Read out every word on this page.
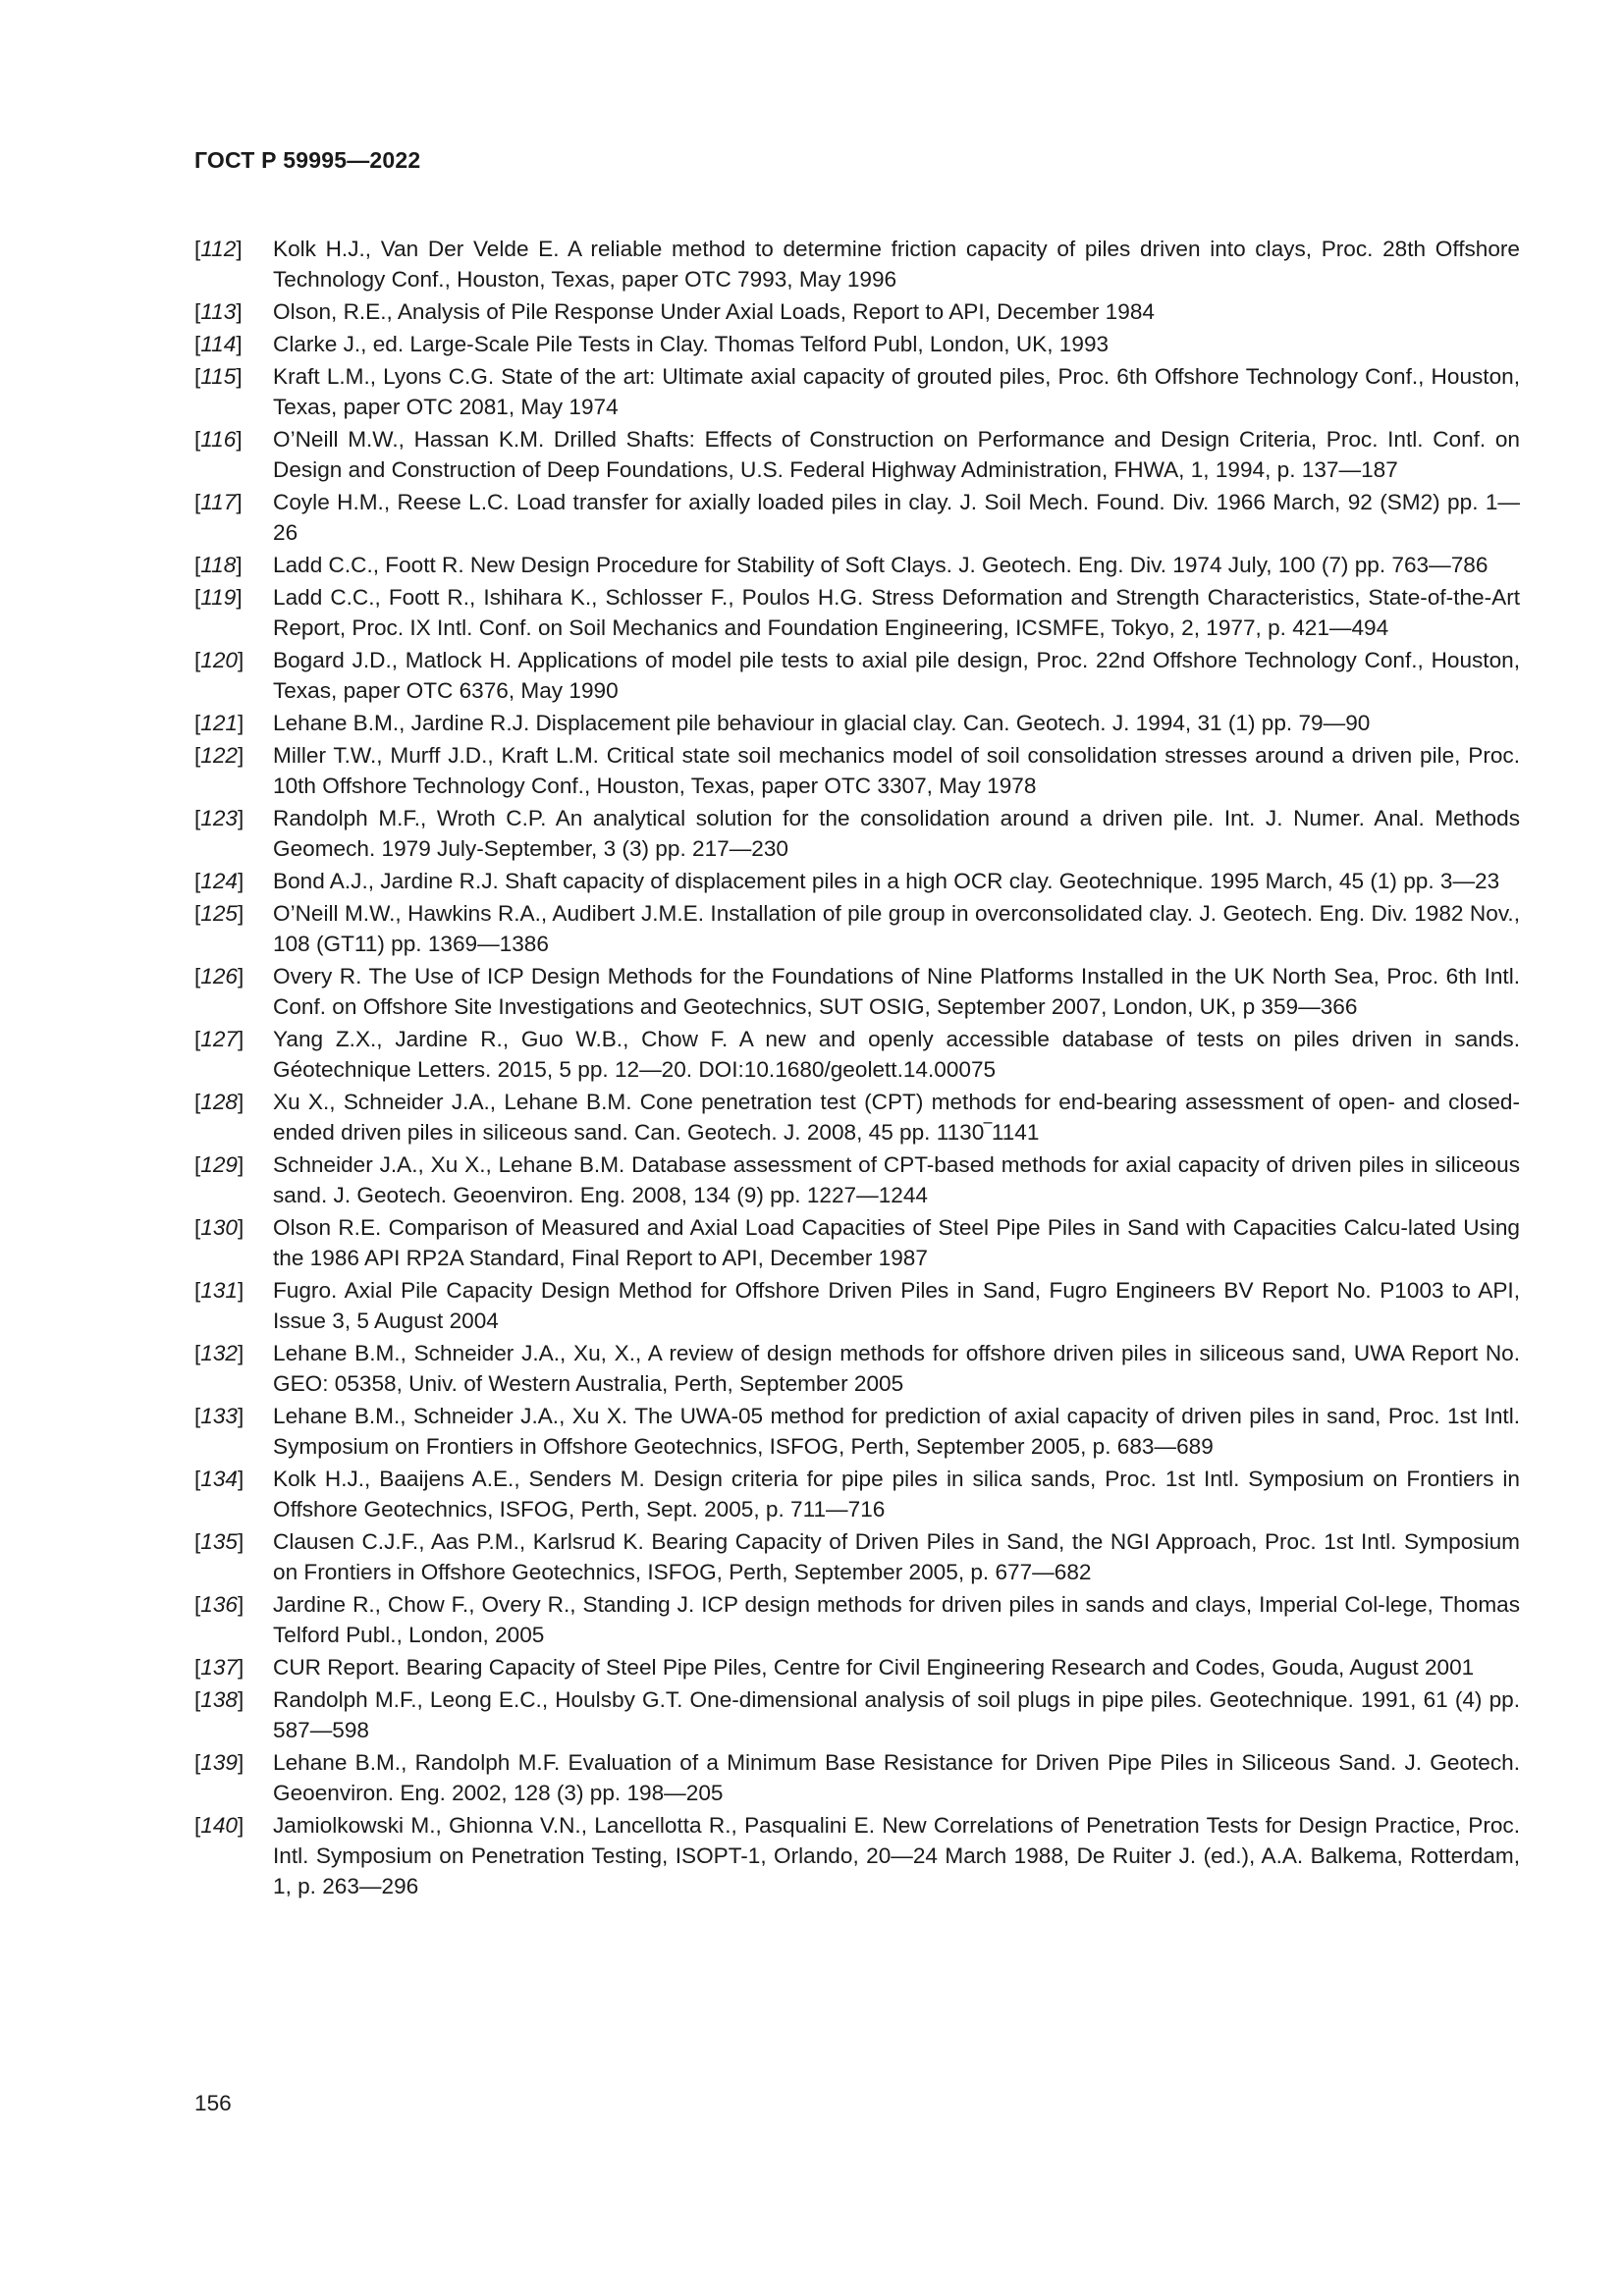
ГОСТ Р 59995—2022
[112]	Kolk H.J., Van Der Velde E. A reliable method to determine friction capacity of piles driven into clays, Proc. 28th Offshore Technology Conf., Houston, Texas, paper OTC 7993, May 1996
[113]	Olson, R.E., Analysis of Pile Response Under Axial Loads, Report to API, December 1984
[114]	Clarke J., ed. Large-Scale Pile Tests in Clay. Thomas Telford Publ, London, UK, 1993
[115]	Kraft L.M., Lyons C.G. State of the art: Ultimate axial capacity of grouted piles, Proc. 6th Offshore Technology Conf., Houston, Texas, paper OTC 2081, May 1974
[116]	O’Neill M.W., Hassan K.M. Drilled Shafts: Effects of Construction on Performance and Design Criteria, Proc. Intl. Conf. on Design and Construction of Deep Foundations, U.S. Federal Highway Administration, FHWA, 1, 1994, p. 137—187
[117]	Coyle H.M., Reese L.C. Load transfer for axially loaded piles in clay. J. Soil Mech. Found. Div. 1966 March, 92 (SM2) pp. 1—26
[118]	Ladd C.C., Foott R. New Design Procedure for Stability of Soft Clays. J. Geotech. Eng. Div. 1974 July, 100 (7) pp. 763—786
[119]	Ladd C.C., Foott R., Ishihara K., Schlosser F., Poulos H.G. Stress Deformation and Strength Characteristics, State-of-the-Art Report, Proc. IX Intl. Conf. on Soil Mechanics and Foundation Engineering, ICSMFE, Tokyo, 2, 1977, p. 421—494
[120]	Bogard J.D., Matlock H. Applications of model pile tests to axial pile design, Proc. 22nd Offshore Technology Conf., Houston, Texas, paper OTC 6376, May 1990
[121]	Lehane B.M., Jardine R.J. Displacement pile behaviour in glacial clay. Can. Geotech. J. 1994, 31 (1) pp. 79—90
[122]	Miller T.W., Murff J.D., Kraft L.M. Critical state soil mechanics model of soil consolidation stresses around a driven pile, Proc. 10th Offshore Technology Conf., Houston, Texas, paper OTC 3307, May 1978
[123]	Randolph M.F., Wroth C.P. An analytical solution for the consolidation around a driven pile. Int. J. Numer. Anal. Methods Geomech. 1979 July-September, 3 (3) pp. 217—230
[124]	Bond A.J., Jardine R.J. Shaft capacity of displacement piles in a high OCR clay. Geotechnique. 1995 March, 45 (1) pp. 3—23
[125]	O’Neill M.W., Hawkins R.A., Audibert J.M.E. Installation of pile group in overconsolidated clay. J. Geotech. Eng. Div. 1982 Nov., 108 (GT11) pp. 1369—1386
[126]	Overy R. The Use of ICP Design Methods for the Foundations of Nine Platforms Installed in the UK North Sea, Proc. 6th Intl. Conf. on Offshore Site Investigations and Geotechnics, SUT OSIG, September 2007, London, UK, p 359—366
[127]	Yang Z.X., Jardine R., Guo W.B., Chow F. A new and openly accessible database of tests on piles driven in sands. Géotechnique Letters. 2015, 5 pp. 12—20. DOI:10.1680/geolett.14.00075
[128]	Xu X., Schneider J.A., Lehane B.M. Cone penetration test (CPT) methods for end-bearing assessment of open- and closed-ended driven piles in siliceous sand. Can. Geotech. J. 2008, 45 pp. 1130‾1141
[129]	Schneider J.A., Xu X., Lehane B.M. Database assessment of CPT-based methods for axial capacity of driven piles in siliceous sand. J. Geotech. Geoenviron. Eng. 2008, 134 (9) pp. 1227—1244
[130]	Olson R.E. Comparison of Measured and Axial Load Capacities of Steel Pipe Piles in Sand with Capacities Calcu-lated Using the 1986 API RP2A Standard, Final Report to API, December 1987
[131]	Fugro. Axial Pile Capacity Design Method for Offshore Driven Piles in Sand, Fugro Engineers BV Report No. P1003 to API, Issue 3, 5 August 2004
[132]	Lehane B.M., Schneider J.A., Xu, X., A review of design methods for offshore driven piles in siliceous sand, UWA Report No. GEO: 05358, Univ. of Western Australia, Perth, September 2005
[133]	Lehane B.M., Schneider J.A., Xu X. The UWA-05 method for prediction of axial capacity of driven piles in sand, Proc. 1st Intl. Symposium on Frontiers in Offshore Geotechnics, ISFOG, Perth, September 2005, p. 683—689
[134]	Kolk H.J., Baaijens A.E., Senders M. Design criteria for pipe piles in silica sands, Proc. 1st Intl. Symposium on Frontiers in Offshore Geotechnics, ISFOG, Perth, Sept. 2005, p. 711—716
[135]	Clausen C.J.F., Aas P.M., Karlsrud K. Bearing Capacity of Driven Piles in Sand, the NGI Approach, Proc. 1st Intl. Symposium on Frontiers in Offshore Geotechnics, ISFOG, Perth, September 2005, p. 677—682
[136]	Jardine R., Chow F., Overy R., Standing J. ICP design methods for driven piles in sands and clays, Imperial Col-lege, Thomas Telford Publ., London, 2005
[137]	CUR Report. Bearing Capacity of Steel Pipe Piles, Centre for Civil Engineering Research and Codes, Gouda, August 2001
[138]	Randolph M.F., Leong E.C., Houlsby G.T. One-dimensional analysis of soil plugs in pipe piles. Geotechnique. 1991, 61 (4) pp. 587—598
[139]	Lehane B.M., Randolph M.F. Evaluation of a Minimum Base Resistance for Driven Pipe Piles in Siliceous Sand. J. Geotech. Geoenviron. Eng. 2002, 128 (3) pp. 198—205
[140]	Jamiolkowski M., Ghionna V.N., Lancellotta R., Pasqualini E. New Correlations of Penetration Tests for Design Practice, Proc. Intl. Symposium on Penetration Testing, ISOPT-1, Orlando, 20—24 March 1988, De Ruiter J. (ed.), A.A. Balkema, Rotterdam, 1, p. 263—296
156
